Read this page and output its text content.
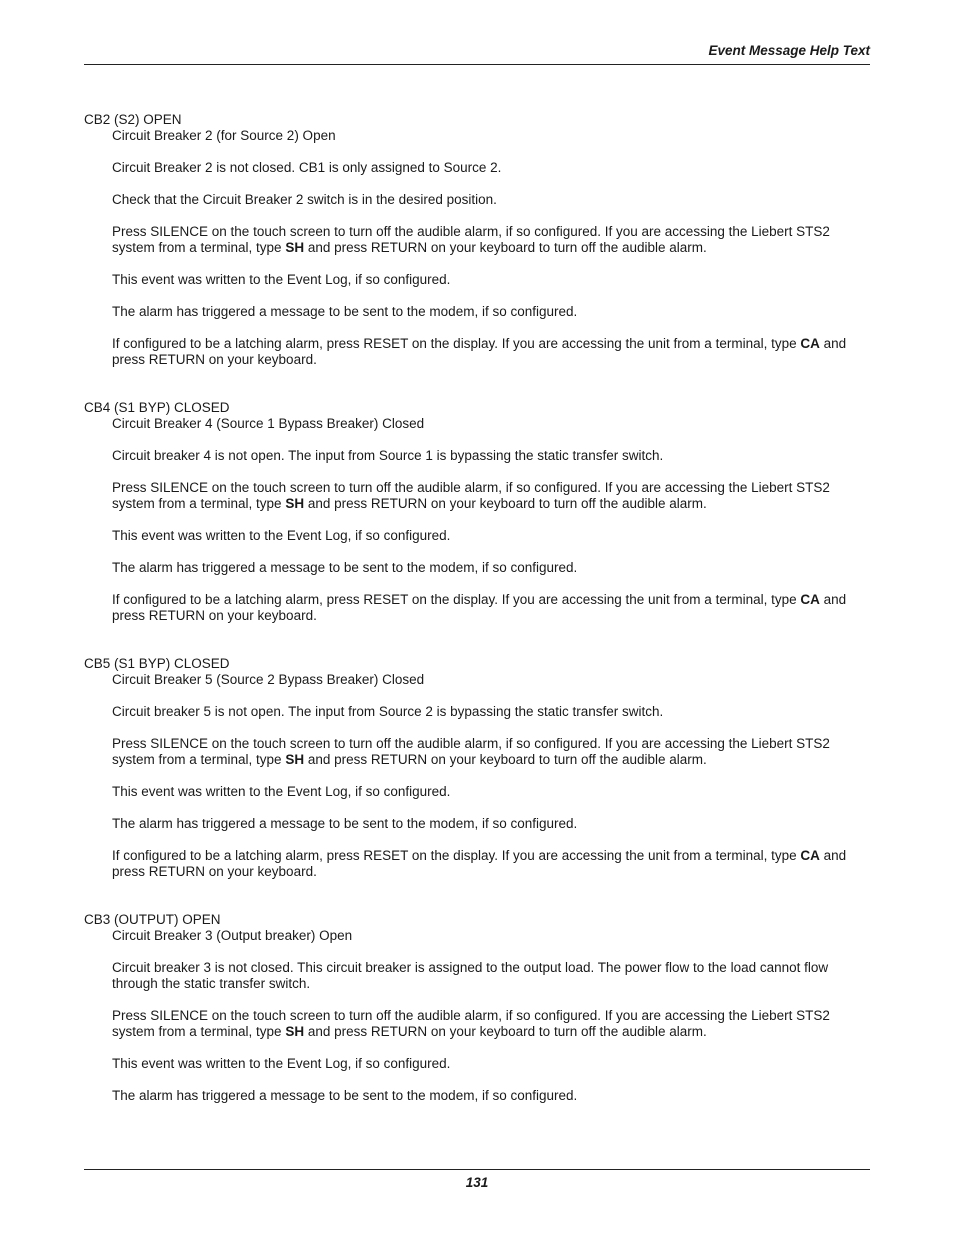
Event Message Help Text

CB2 (S2) OPEN

Circuit Breaker 2 (for Source 2) Open

Circuit Breaker 2 is not closed. CB1 is only assigned to Source 2.

Check that the Circuit Breaker 2 switch is in the desired position.

Press SILENCE on the touch screen to turn off the audible alarm, if so configured. If you are accessing the Liebert STS2 system from a terminal, type SH and press RETURN on your keyboard to turn off the audible alarm.

This event was written to the Event Log, if so configured.

The alarm has triggered a message to be sent to the modem, if so configured.

If configured to be a latching alarm, press RESET on the display. If you are accessing the unit from a terminal, type CA and press RETURN on your keyboard.

CB4 (S1 BYP) CLOSED

Circuit Breaker 4 (Source 1 Bypass Breaker) Closed

Circuit breaker 4 is not open. The input from Source 1 is bypassing the static transfer switch.

Press SILENCE on the touch screen to turn off the audible alarm, if so configured. If you are accessing the Liebert STS2 system from a terminal, type SH and press RETURN on your keyboard to turn off the audible alarm.

This event was written to the Event Log, if so configured.

The alarm has triggered a message to be sent to the modem, if so configured.

If configured to be a latching alarm, press RESET on the display. If you are accessing the unit from a terminal, type CA and press RETURN on your keyboard.

CB5 (S1 BYP) CLOSED

Circuit Breaker 5 (Source 2 Bypass Breaker) Closed

Circuit breaker 5 is not open. The input from Source 2 is bypassing the static transfer switch.

Press SILENCE on the touch screen to turn off the audible alarm, if so configured. If you are accessing the Liebert STS2 system from a terminal, type SH and press RETURN on your keyboard to turn off the audible alarm.

This event was written to the Event Log, if so configured.

The alarm has triggered a message to be sent to the modem, if so configured.

If configured to be a latching alarm, press RESET on the display. If you are accessing the unit from a terminal, type CA and press RETURN on your keyboard.

CB3 (OUTPUT) OPEN

Circuit Breaker 3 (Output breaker) Open

Circuit breaker 3 is not closed. This circuit breaker is assigned to the output load. The power flow to the load cannot flow through the static transfer switch.

Press SILENCE on the touch screen to turn off the audible alarm, if so configured. If you are accessing the Liebert STS2 system from a terminal, type SH and press RETURN on your keyboard to turn off the audible alarm.

This event was written to the Event Log, if so configured.

The alarm has triggered a message to be sent to the modem, if so configured.

131
